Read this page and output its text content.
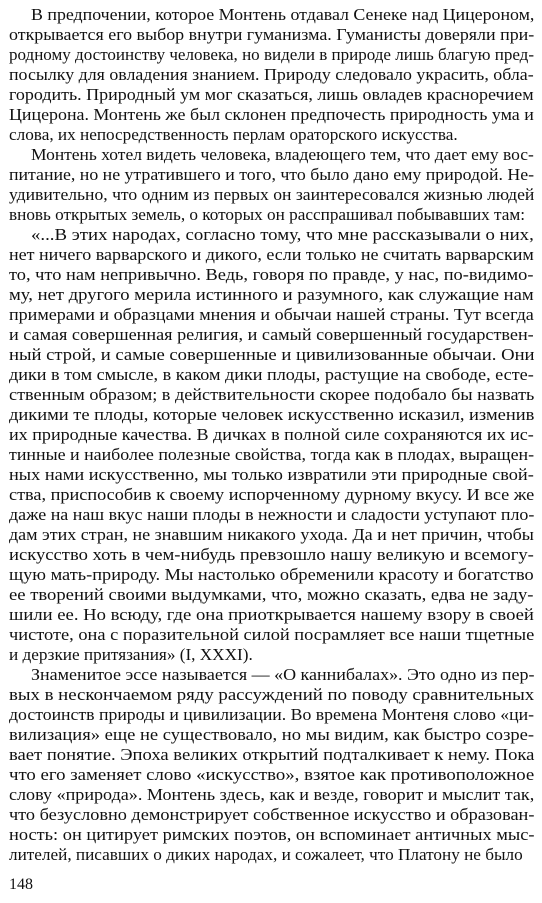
В предпочении, которое Монтень отдавал Сенеке над Цицероном,
открывается его выбор внутри гуманизма. Гуманисты доверяли при-
родному достоинству человека, но видели в природе лишь благую пред-
посылку для овладения знанием. Природу следовало украсить, обла-
городить. Природный ум мог сказаться, лишь овладев красноречием
Цицерона. Монтень же был склонен предпочесть природность ума и
слова, их непосредственность перлам ораторского искусства.
Монтень хотел видеть человека, владеющего тем, что дает ему вос-
питание, но не утратившего и того, что было дано ему природой. Не-
удивительно, что одним из первых он заинтересовался жизнью людей
вновь открытых земель, о которых он расспрашивал побывавших там:
«...В этих народах, согласно тому, что мне рассказывали о них,
нет ничего варварского и дикого, если только не считать варварским
то, что нам непривычно. Ведь, говоря по правде, у нас, по-видимо-
му, нет другого мерила истинного и разумного, как служащие нам
примерами и образцами мнения и обычаи нашей страны. Тут всегда
и самая совершенная религия, и самый совершенный государствен-
ный строй, и самые совершенные и цивилизованные обычаи. Они
дики в том смысле, в каком дики плоды, растущие на свободе, есте-
ственным образом; в действительности скорее подобало бы назвать
дикими те плоды, которые человек искусственно исказил, изменив
их природные качества. В дичках в полной силе сохраняются их ис-
тинные и наиболее полезные свойства, тогда как в плодах, выращен-
ных нами искусственно, мы только извратили эти природные свой-
ства, приспособив к своему испорченному дурному вкусу. И все же
даже на наш вкус наши плоды в нежности и сладости уступают пло-
дам этих стран, не знавшим никакого ухода. Да и нет причин, чтобы
искусство хоть в чем-нибудь превзошло нашу великую и всемогу-
щую мать-природу. Мы настолько обременили красоту и богатство
ее творений своими выдумками, что, можно сказать, едва не заду-
шили ее. Но всюду, где она приоткрывается нашему взору в своей
чистоте, она с поразительной силой посрамляет все наши тщетные
и дерзкие притязания» (I, XXXI).
Знаменитое эссе называется — «О каннибалах». Это одно из пер-
вых в нескончаемом ряду рассуждений по поводу сравнительных
достоинств природы и цивилизации. Во времена Монтеня слово «ци-
вилизация» еще не существовало, но мы видим, как быстро созре-
вает понятие. Эпоха великих открытий подталкивает к нему. Пока
что его заменяет слово «искусство», взятое как противоположное
слову «природа». Монтень здесь, как и везде, говорит и мыслит так,
что безусловно демонстрирует собственное искусство и образован-
ность: он цитирует римских поэтов, он вспоминает античных мыс-
лителей, писавших о диких народах, и сожалеет, что Платону не было
148
